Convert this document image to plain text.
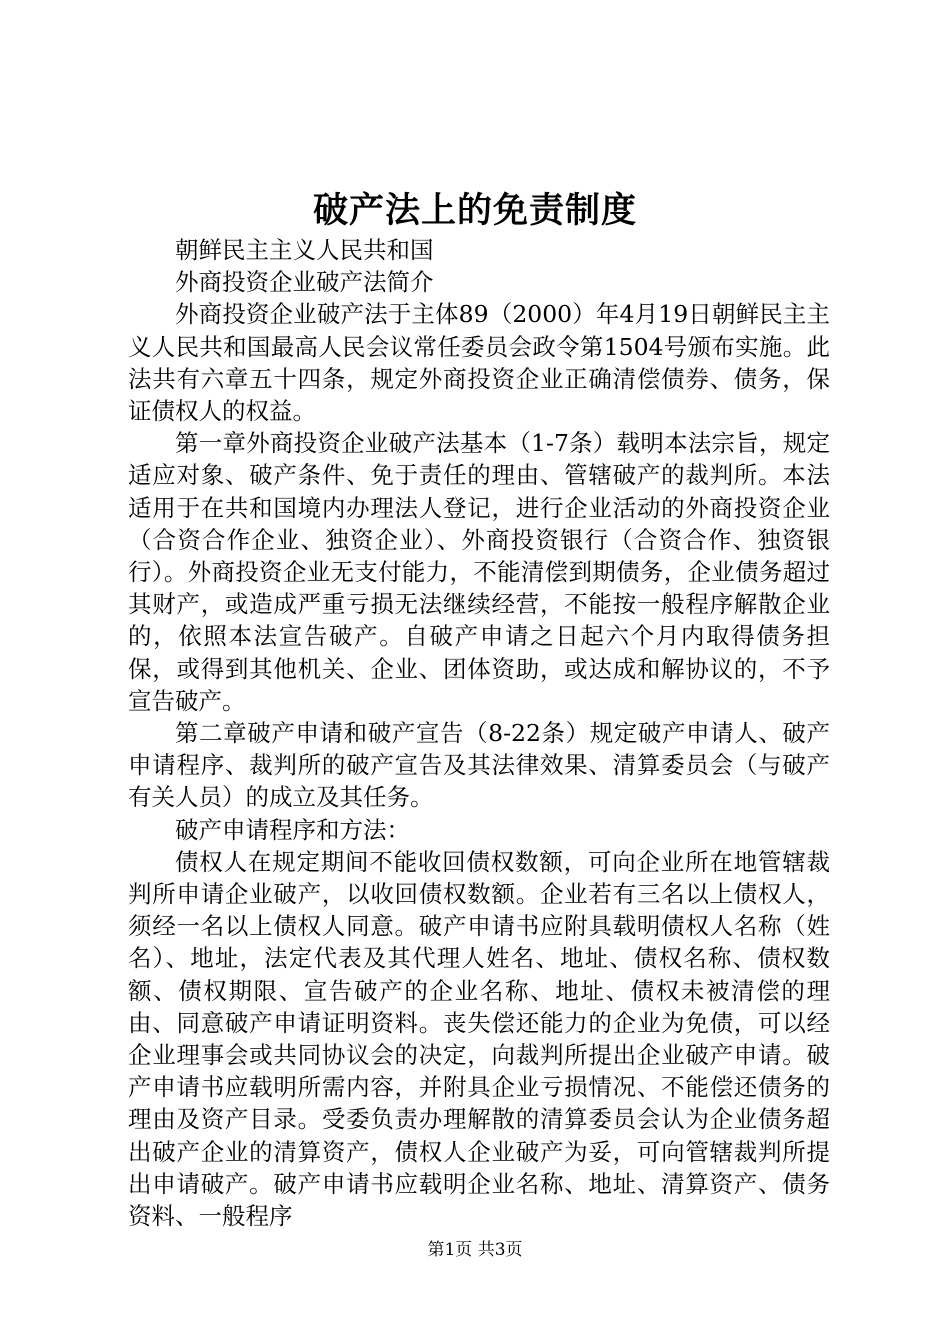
破产法上的免责制度

朝鲜民主主义人民共和国

外商投资企业破产法简介

外商投资企业破产法于主体89（2000）年4月19日朝鲜民主主义人民共和国最高人民会议常任委员会政令第1504号颁布实施。此法共有六章五十四条，规定外商投资企业正确清偿债券、债务，保证债权人的权益。

第一章外商投资企业破产法基本（1-7条）载明本法宗旨，规定适应对象、破产条件、免于责任的理由、管辖破产的裁判所。本法适用于在共和国境内办理法人登记，进行企业活动的外商投资企业（合资合作企业、独资企业）、外商投资银行（合资合作、独资银行）。外商投资企业无支付能力，不能清偿到期债务，企业债务超过其财产，或造成严重亏损无法继续经营，不能按一般程序解散企业的，依照本法宣告破产。自破产申请之日起六个月内取得债务担保，或得到其他机关、企业、团体资助，或达成和解协议的，不予宣告破产。

第二章破产申请和破产宣告（8-22条）规定破产申请人、破产申请程序、裁判所的破产宣告及其法律效果、清算委员会（与破产有关人员）的成立及其任务。

破产申请程序和方法：

债权人在规定期间不能收回债权数额，可向企业所在地管辖裁判所申请企业破产，以收回债权数额。企业若有三名以上债权人，须经一名以上债权人同意。破产申请书应附具载明债权人名称（姓名）、地址，法定代表及其代理人姓名、地址、债权名称、债权数额、债权期限、宣告破产的企业名称、地址、债权未被清偿的理由、同意破产申请证明资料。丧失偿还能力的企业为免债，可以经企业理事会或共同协议会的决定，向裁判所提出企业破产申请。破产申请书应载明所需内容，并附具企业亏损情况、不能偿还债务的理由及资产目录。受委负责办理解散的清算委员会认为企业债务超出破产企业的清算资产，债权人企业破产为妥，可向管辖裁判所提出申请破产。破产申请书应载明企业名称、地址、清算资产、债务资料、一般程序

第1页 共3页
